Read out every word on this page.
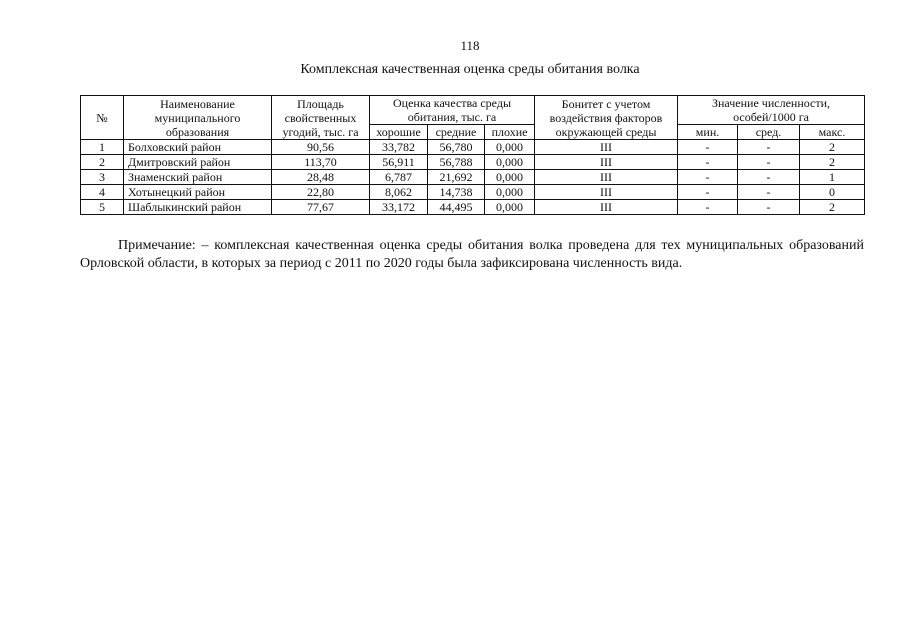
118
Комплексная качественная оценка среды обитания волка
№	Наименование муниципального образования	Площадь свойственных угодий, тыс. га	Оценка качества среды обитания, тыс. га			Бонитет с учетом воздействия факторов окружающей среды	Значение численности, особей/1000 га		
			хорошие	средние	плохие		мин.	сред.	макс.
1	Болховский район	90,56	33,782	56,780	0,000	III	-	-	2
2	Дмитровский район	113,70	56,911	56,788	0,000	III	-	-	2
3	Знаменский район	28,48	6,787	21,692	0,000	III	-	-	1
4	Хотынецкий район	22,80	8,062	14,738	0,000	III	-	-	0
5	Шаблыкинский район	77,67	33,172	44,495	0,000	III	-	-	2
Примечание: – комплексная качественная оценка среды обитания волка проведена для тех муниципальных образований Орловской области, в которых за период с 2011 по 2020 годы была зафиксирована численность вида.
